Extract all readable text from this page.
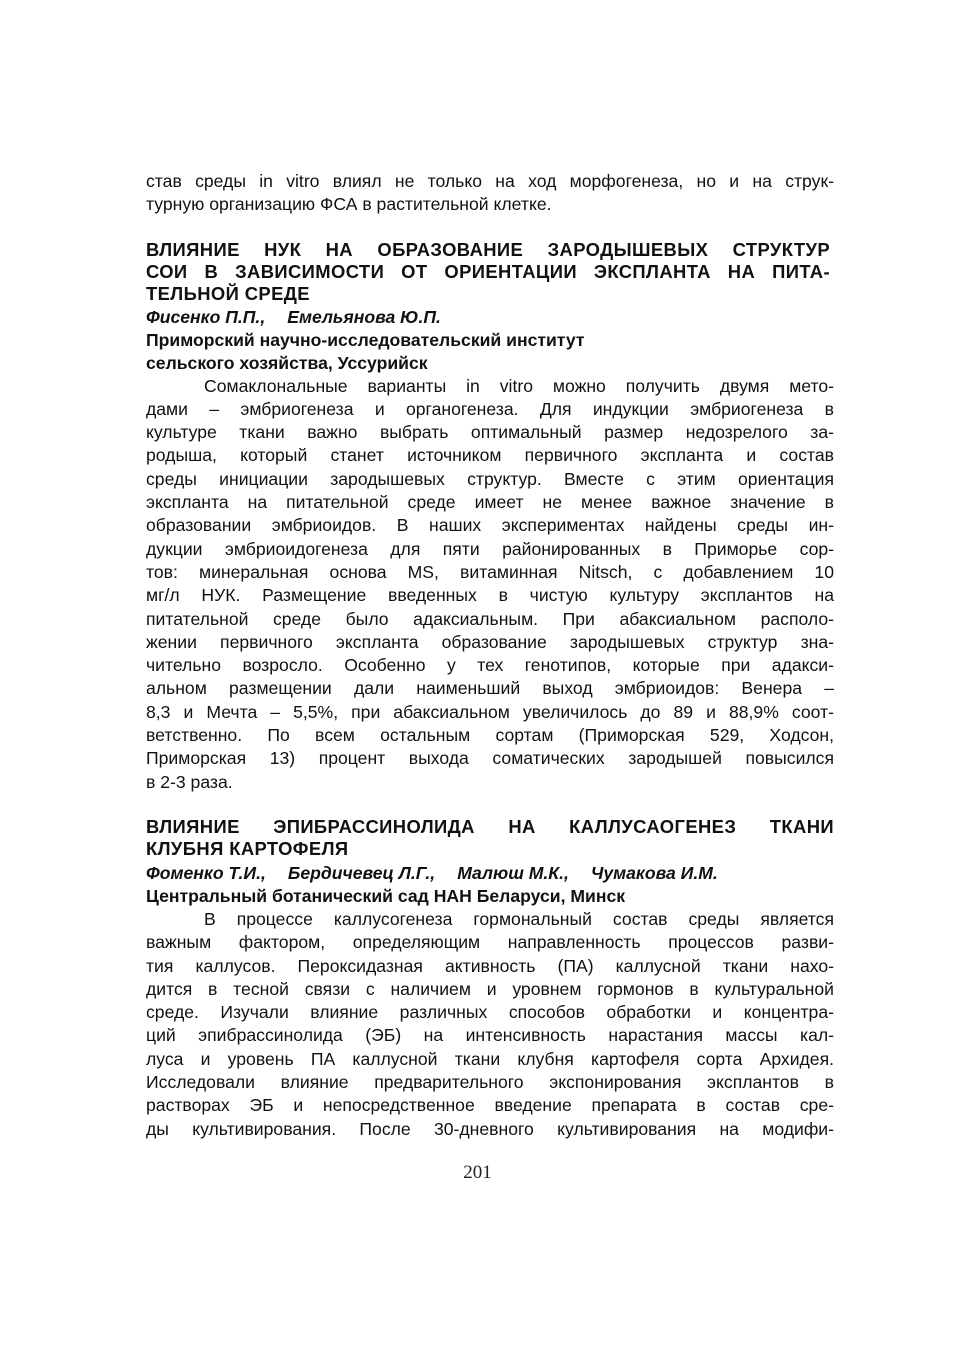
став среды in vitro влиял не только на ход морфогенеза, но и на струк-
турную организацию ФСА в растительной клетке.
ВЛИЯНИЕ НУК НА ОБРАЗОВАНИЕ ЗАРОДЫШЕВЫХ СТРУКТУР
СОИ В ЗАВИСИМОСТИ ОТ ОРИЕНТАЦИИ ЭКСПЛАНТА НА ПИТА-
ТЕЛЬНОЙ СРЕДЕ
Фисенко П.П., Емельянова Ю.П.
Приморский научно-исследовательский институт
сельского хозяйства, Уссурийск
Сомаклональные варианты in vitro можно получить двумя мето-
дами – эмбриогенеза и органогенеза. Для индукции эмбриогенеза в
культуре ткани важно выбрать оптимальный размер недозрелого за-
родыша, который станет источником первичного экспланта и состав
среды инициации зародышевых структур. Вместе с этим ориентация
экспланта на питательной среде имеет не менее важное значение в
образовании эмбриоидов. В наших экспериментах найдены среды ин-
дукции эмбриоидогенеза для пяти районированных в Приморье сор-
тов: минеральная основа MS, витаминная Nitsch, с добавлением 10
мг/л НУК. Размещение введенных в чистую культуру эксплантов на
питательной среде было адаксиальным. При абаксиальном располо-
жении первичного экспланта образование зародышевых структур зна-
чительно возросло. Особенно у тех генотипов, которые при адакси-
альном размещении дали наименьший выход эмбриоидов: Венера –
8,3 и Мечта – 5,5%, при абаксиальном увеличилось до 89 и 88,9% соот-
ветственно. По всем остальным сортам (Приморская 529, Ходсон,
Приморская 13) процент выхода соматических зародышей повысился
в 2-3 раза.
ВЛИЯНИЕ ЭПИБРАССИНОЛИДА НА КАЛЛУСАОГЕНЕЗ ТКАНИ
КЛУБНЯ КАРТОФЕЛЯ
Фоменко Т.И., Бердичевец Л.Г., Малюш М.К., Чумакова И.М.
Центральный ботанический сад НАН Беларуси, Минск
В процессе каллусогенеза гормональный состав среды является
важным фактором, определяющим направленность процессов разви-
тия каллусов. Пероксидазная активность (ПА) каллусной ткани нахо-
дится в тесной связи с наличием и уровнем гормонов в культуральной
среде. Изучали влияние различных способов обработки и концентра-
ций эпибрассинолида (ЭБ) на интенсивность нарастания массы кал-
луса и уровень ПА каллусной ткани клубня картофеля сорта Архидея.
Исследовали влияние предварительного экспонирования эксплантов в
растворах ЭБ и непосредственное введение препарата в состав сре-
ды культивирования. После 30-дневного культивирования на модифи-
201
